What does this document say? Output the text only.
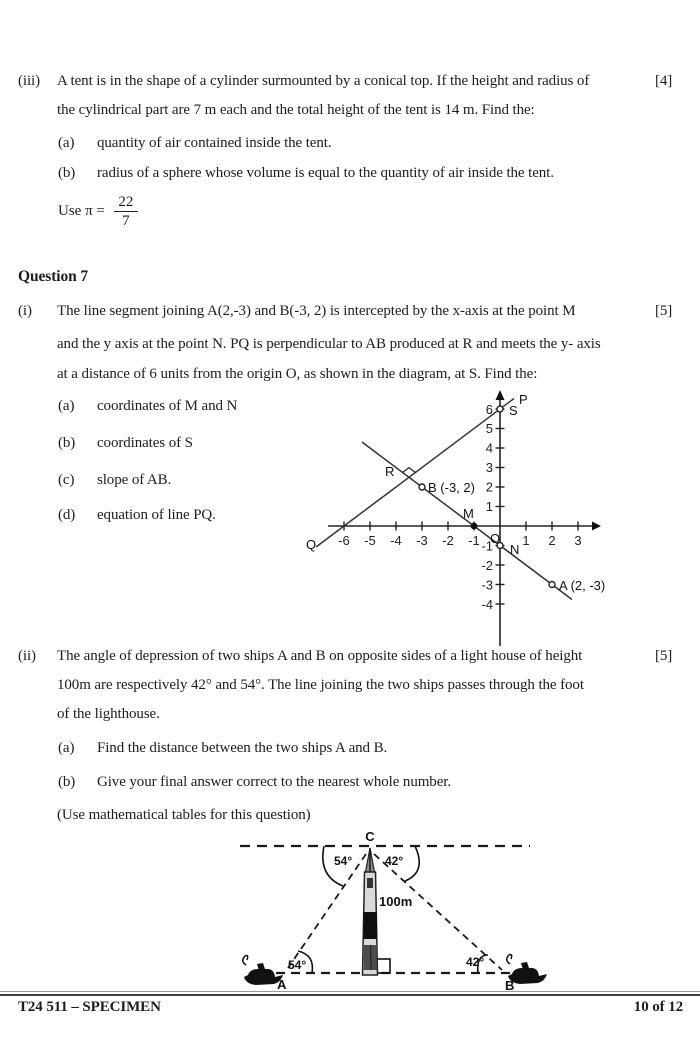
(iii) A tent is in the shape of a cylinder surmounted by a conical top. If the height and radius of	[4]
the cylindrical part are 7 m each and the total height of the tent is 14 m. Find the:
(a) quantity of air contained inside the tent.
(b) radius of a sphere whose volume is equal to the quantity of air inside the tent.
Use $\pi = \frac{22}{7}$
Question 7
(i) The line segment joining A(2,-3) and B(-3, 2) is intercepted by the x-axis at the point M	[5]
and the y axis at the point N. PQ is perpendicular to AB produced at R and meets the y- axis
at a distance of 6 units from the origin O, as shown in the diagram, at S. Find the:
(a) coordinates of M and N
(b) coordinates of S
(c) slope of AB.
(d) equation of line PQ.
-6 -5 -4 -3 -2 -1	1 2 3
6
5
4
3
2
1
-1
-2
-3
-4
P
Q
R
S
M
N
O
B (-3, 2)
A (2, -3)
(ii) The angle of depression of two ships A and B on opposite sides of a light house of height	[5]
100m are respectively 42° and 54°. The line joining the two ships passes through the foot
of the lighthouse.
(a) Find the distance between the two ships A and B.
(b) Give your final answer correct to the nearest whole number.
(Use mathematical tables for this question)
C
100m
54°	42°
54°	42°
A	B
T24 511 – SPECIMEN	10 of 12
